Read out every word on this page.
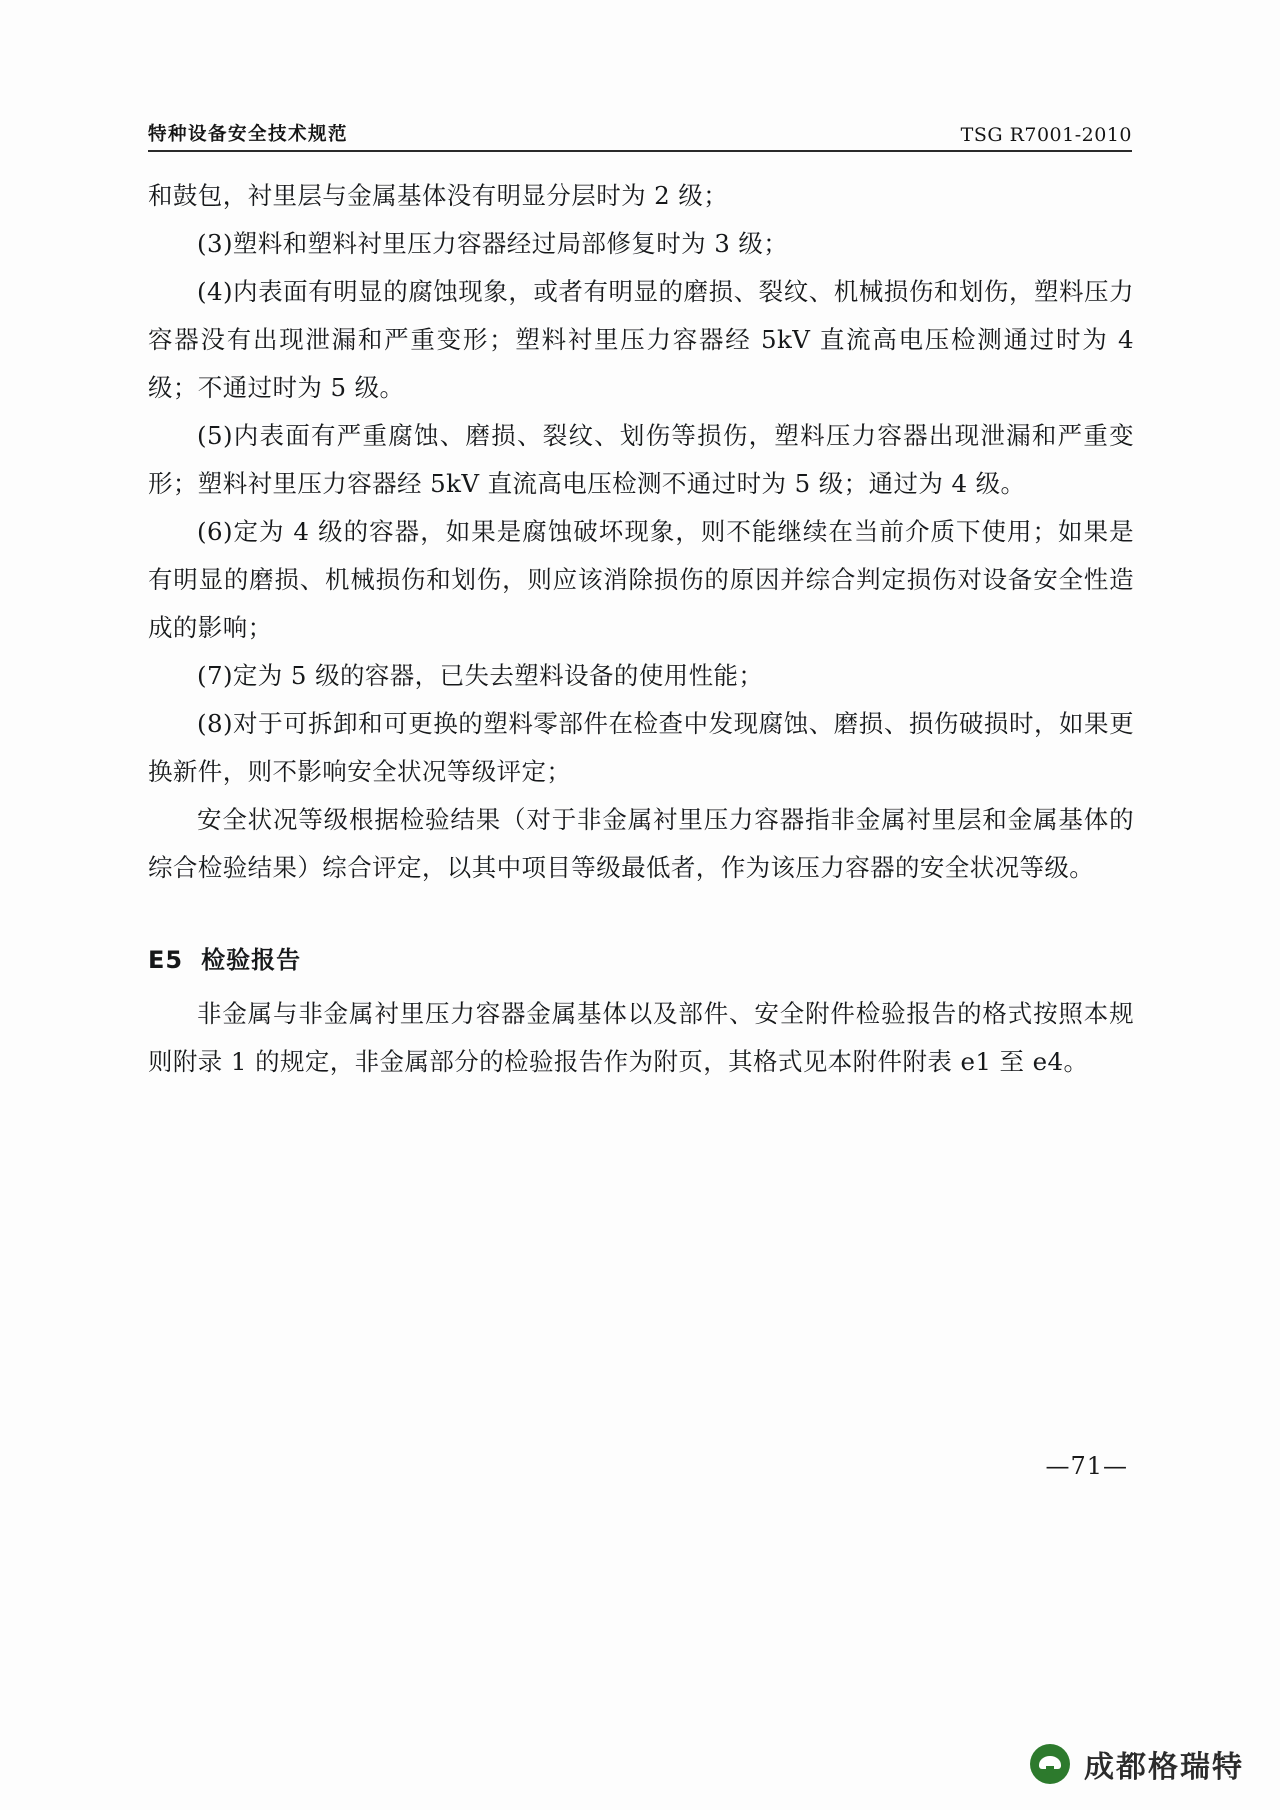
特种设备安全技术规范	TSG R7001-2010

和鼓包，衬里层与金属基体没有明显分层时为 2 级；

(3)塑料和塑料衬里压力容器经过局部修复时为 3 级；

(4)内表面有明显的腐蚀现象，或者有明显的磨损、裂纹、机械损伤和划伤，塑料压力容器没有出现泄漏和严重变形；塑料衬里压力容器经 5kV 直流高电压检测通过时为 4 级；不通过时为 5 级。

(5)内表面有严重腐蚀、磨损、裂纹、划伤等损伤，塑料压力容器出现泄漏和严重变形；塑料衬里压力容器经 5kV 直流高电压检测不通过时为 5 级；通过为 4 级。

(6)定为 4 级的容器，如果是腐蚀破坏现象，则不能继续在当前介质下使用；如果是有明显的磨损、机械损伤和划伤，则应该消除损伤的原因并综合判定损伤对设备安全性造成的影响；

(7)定为 5 级的容器，已失去塑料设备的使用性能；

(8)对于可拆卸和可更换的塑料零部件在检查中发现腐蚀、磨损、损伤破损时，如果更换新件，则不影响安全状况等级评定；

安全状况等级根据检验结果（对于非金属衬里压力容器指非金属衬里层和金属基体的综合检验结果）综合评定，以其中项目等级最低者，作为该压力容器的安全状况等级。

E5 检验报告

非金属与非金属衬里压力容器金属基体以及部件、安全附件检验报告的格式按照本规则附录 1 的规定，非金属部分的检验报告作为附页，其格式见本附件附表 e1 至 e4。

—71—
成都格瑞特
